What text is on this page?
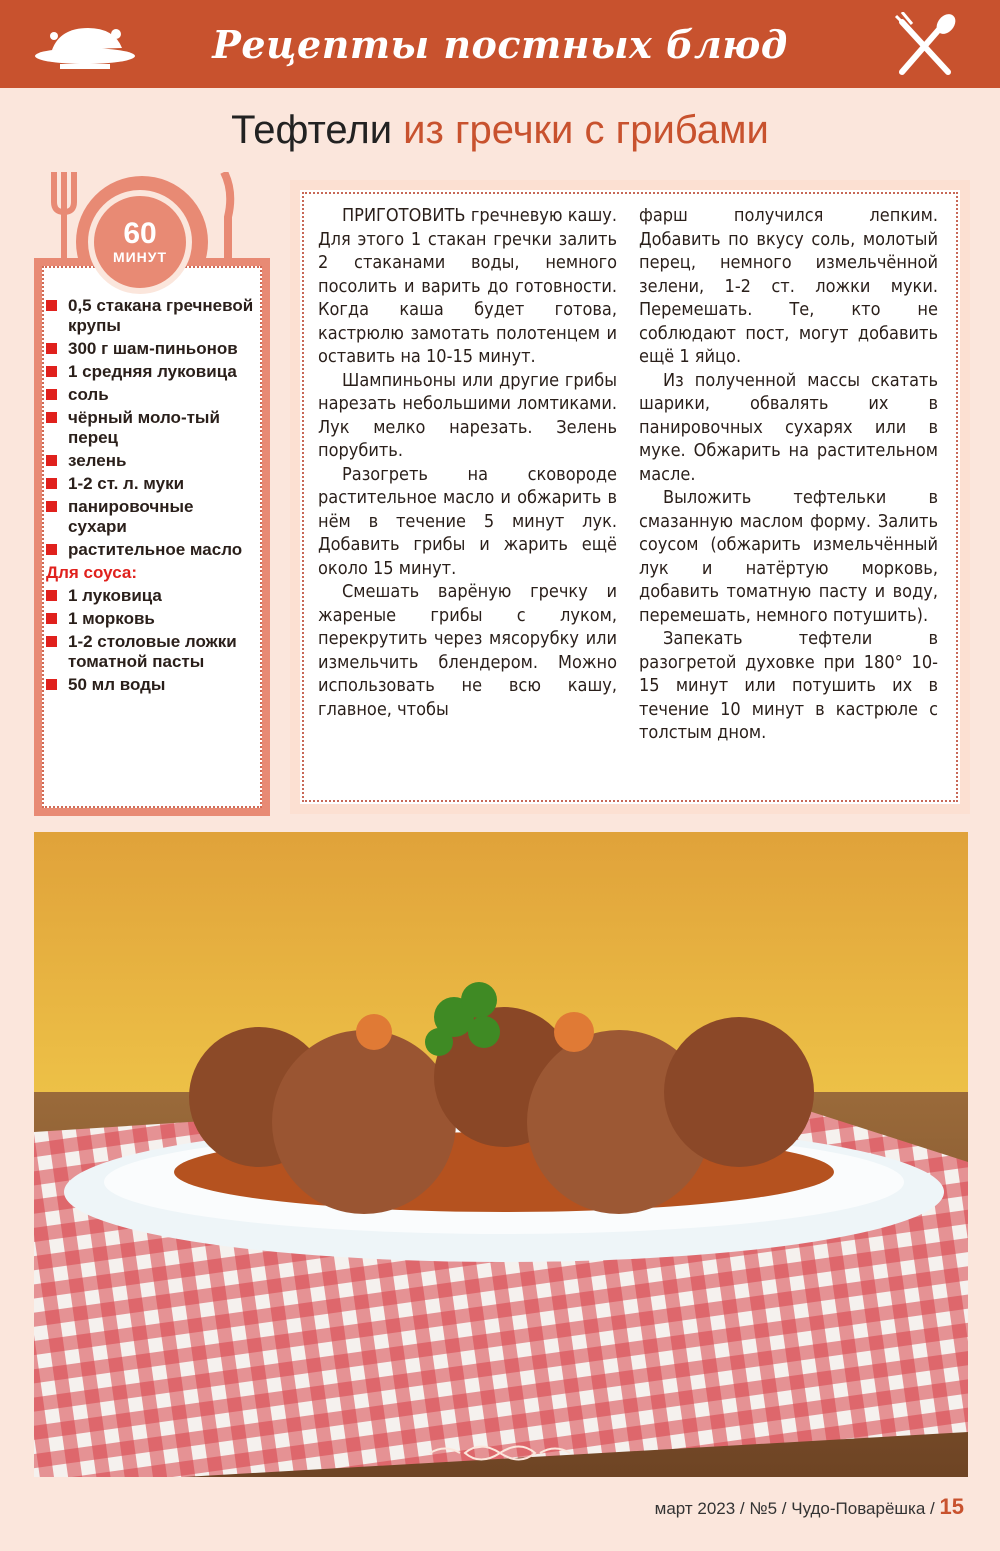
Рецепты постных блюд
Тефтели из гречки с грибами
60
МИНУТ
0,5 стакана гречневой крупы
300 г шам-пиньонов
1 средняя луковица
соль
чёрный моло-тый перец
зелень
1-2 ст. л. муки
панировочные сухари
растительное масло
Для соуса:
1 луковица
1 морковь
1-2 столовые ложки томатной пасты
50 мл воды

ПРИГОТОВИТЬ гречневую кашу. Для этого 1 стакан гречки залить 2 стаканами воды, немного посолить и варить до готовности. Когда каша будет готова, кастрюлю замотать полотенцем и оставить на 10-15 минут.

Шампиньоны или другие грибы нарезать небольшими ломтиками. Лук мелко нарезать. Зелень порубить.

Разогреть на сковороде растительное масло и обжарить в нём в течение 5 минут лук. Добавить грибы и жарить ещё около 15 минут.

Смешать варёную гречку и жареные грибы с луком, перекрутить через мясорубку или измельчить блендером. Можно использовать не всю кашу, главное, чтобы

фарш получился лепким. Добавить по вкусу соль, молотый перец, немного измельчённой зелени, 1-2 ст. ложки муки. Перемешать. Те, кто не соблюдают пост, могут добавить ещё 1 яйцо.

Из полученной массы скатать шарики, обвалять их в панировочных сухарях или в муке. Обжарить на растительном масле.

Выложить тефтельки в смазанную маслом форму. Залить соусом (обжарить измельчённый лук и натёртую морковь, добавить томатную пасту и воду, перемешать, немного потушить).

Запекать тефтели в разогретой духовке при 180° 10-15 минут или потушить их в течение 10 минут в кастрюле с толстым дном.

март 2023 / №5 / Чудо-Поварёшка / 15
